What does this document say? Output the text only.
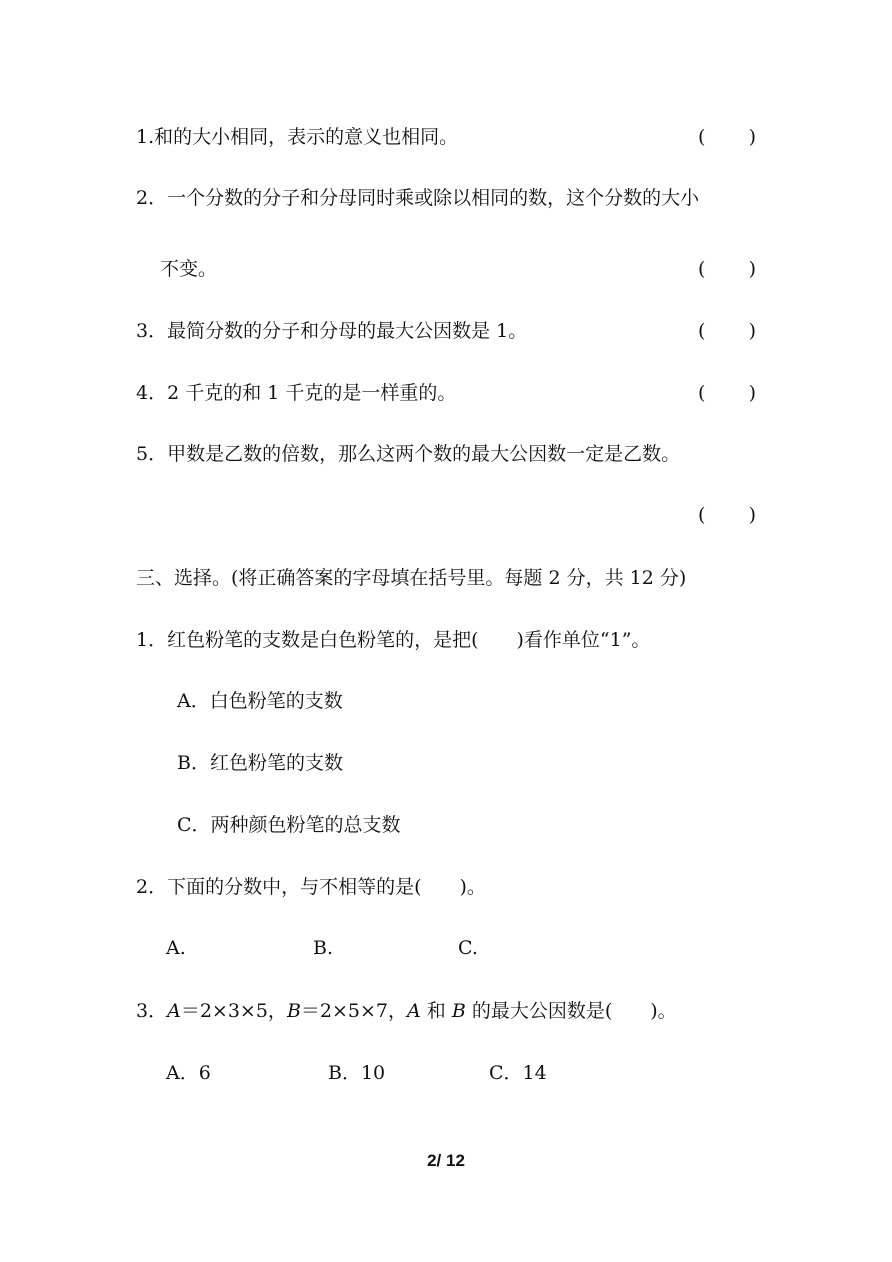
1.和的大小相同，表示的意义也相同。	( )
2．一个分数的分子和分母同时乘或除以相同的数，这个分数的大小
不变。	( )
3．最简分数的分子和分母的最大公因数是 1。	( )
4．2 千克的和 1 千克的是一样重的。	( )
5．甲数是乙数的倍数，那么这两个数的最大公因数一定是乙数。
( )
三、选择。(将正确答案的字母填在括号里。每题 2 分，共 12 分)
1．红色粉笔的支数是白色粉笔的，是把(　　)看作单位“1”。
A．白色粉笔的支数
B．红色粉笔的支数
C．两种颜色粉笔的总支数
2．下面的分数中，与不相等的是(　　)。
A.	B.	C.
3．A＝2×3×5，B＝2×5×7，A 和 B 的最大公因数是(　　)。
A．6	B．10	C．14
2/ 12
